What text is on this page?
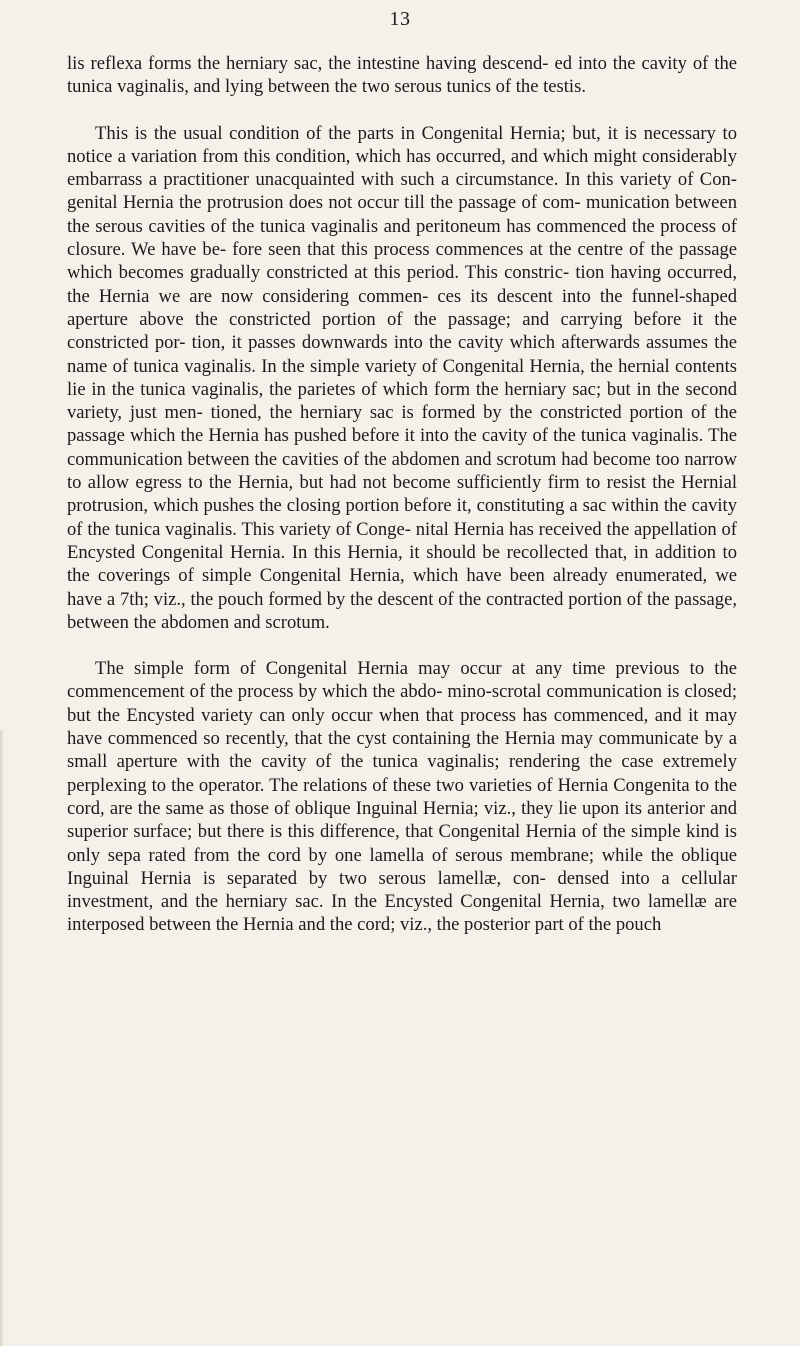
13

lis reflexa forms the herniary sac, the intestine having descend- ed into the cavity of the tunica vaginalis, and lying between the two serous tunics of the testis.

This is the usual condition of the parts in Congenital Hernia; but, it is necessary to notice a variation from this condition, which has occurred, and which might considerably embarrass a practitioner unacquainted with such a circumstance. In this variety of Con- genital Hernia the protrusion does not occur till the passage of com- munication between the serous cavities of the tunica vaginalis and peritoneum has commenced the process of closure. We have be- fore seen that this process commences at the centre of the passage which becomes gradually constricted at this period. This constric- tion having occurred, the Hernia we are now considering commen- ces its descent into the funnel-shaped aperture above the constricted portion of the passage; and carrying before it the constricted por- tion, it passes downwards into the cavity which afterwards assumes the name of tunica vaginalis. In the simple variety of Congenital Hernia, the hernial contents lie in the tunica vaginalis, the parietes of which form the herniary sac; but in the second variety, just men- tioned, the herniary sac is formed by the constricted portion of the passage which the Hernia has pushed before it into the cavity of the tunica vaginalis. The communication between the cavities of the abdomen and scrotum had become too narrow to allow egress to the Hernia, but had not become sufficiently firm to resist the Hernial protrusion, which pushes the closing portion before it, constituting a sac within the cavity of the tunica vaginalis. This variety of Conge- nital Hernia has received the appellation of Encysted Congenital Hernia. In this Hernia, it should be recollected that, in addition to the coverings of simple Congenital Hernia, which have been already enumerated, we have a 7th; viz., the pouch formed by the descent of the contracted portion of the passage, between the abdomen and scrotum.

The simple form of Congenital Hernia may occur at any time previous to the commencement of the process by which the abdo- mino-scrotal communication is closed; but the Encysted variety can only occur when that process has commenced, and it may have commenced so recently, that the cyst containing the Hernia may communicate by a small aperture with the cavity of the tunica vaginalis; rendering the case extremely perplexing to the operator. The relations of these two varieties of Hernia Congenita to the cord, are the same as those of oblique Inguinal Hernia; viz., they lie upon its anterior and superior surface; but there is this difference, that Congenital Hernia of the simple kind is only sepa rated from the cord by one lamella of serous membrane; while the oblique Inguinal Hernia is separated by two serous lamellæ, con- densed into a cellular investment, and the herniary sac. In the Encysted Congenital Hernia, two lamellæ are interposed between the Hernia and the cord; viz., the posterior part of the pouch
